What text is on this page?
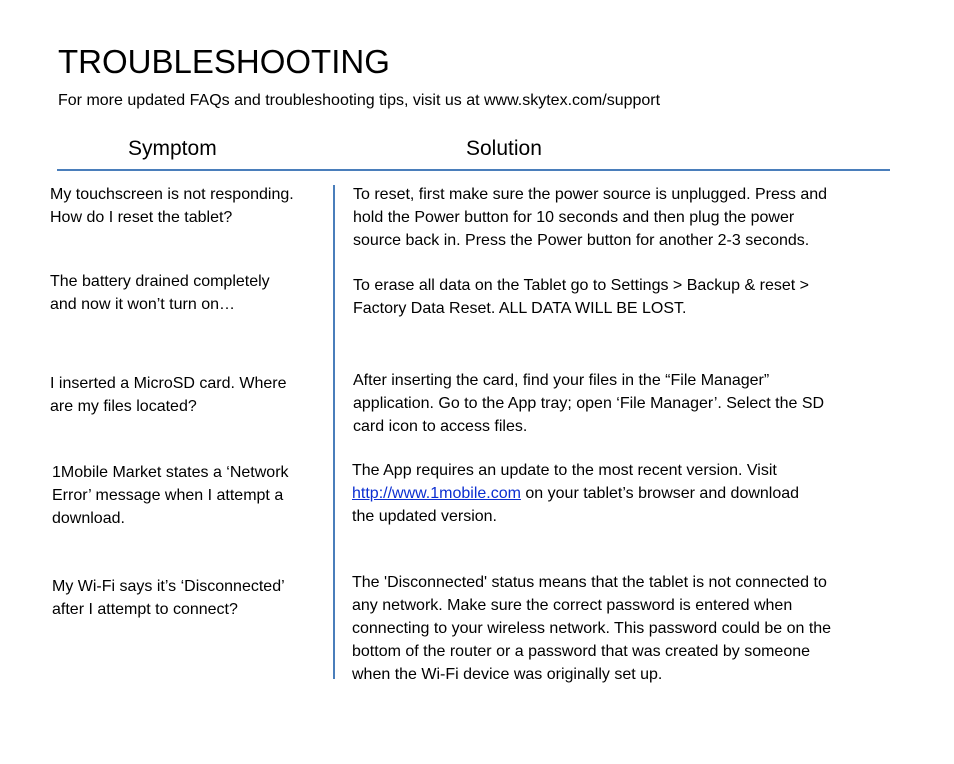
TROUBLESHOOTING
For more updated FAQs and troubleshooting tips, visit us at www.skytex.com/support
Symptom	Solution
My touchscreen is not responding.
How do I reset the tablet?
To reset, first make sure the power source is unplugged. Press and
hold the Power button for 10 seconds and then plug the power
source back in. Press the Power button for another 2-3 seconds.
The battery drained completely
and now it won’t turn on…
To erase all data on the Tablet go to Settings > Backup & reset >
Factory Data Reset. ALL DATA WILL BE LOST.
I inserted a MicroSD card. Where
are my files located?
After inserting the card, find your files in the “File Manager”
application. Go to the App tray; open ‘File Manager’. Select the SD
card icon to access files.
1Mobile Market states a ‘Network
Error’ message when I attempt a
download.
The App requires an update to the most recent version. Visit
http://www.1mobile.com on your tablet’s browser and download
the updated version.
My Wi-Fi says it’s ‘Disconnected’
after I attempt to connect?
The 'Disconnected' status means that the tablet is not connected to
any network. Make sure the correct password is entered when
connecting to your wireless network. This password could be on the
bottom of the router or a password that was created by someone
when the Wi-Fi device was originally set up.
